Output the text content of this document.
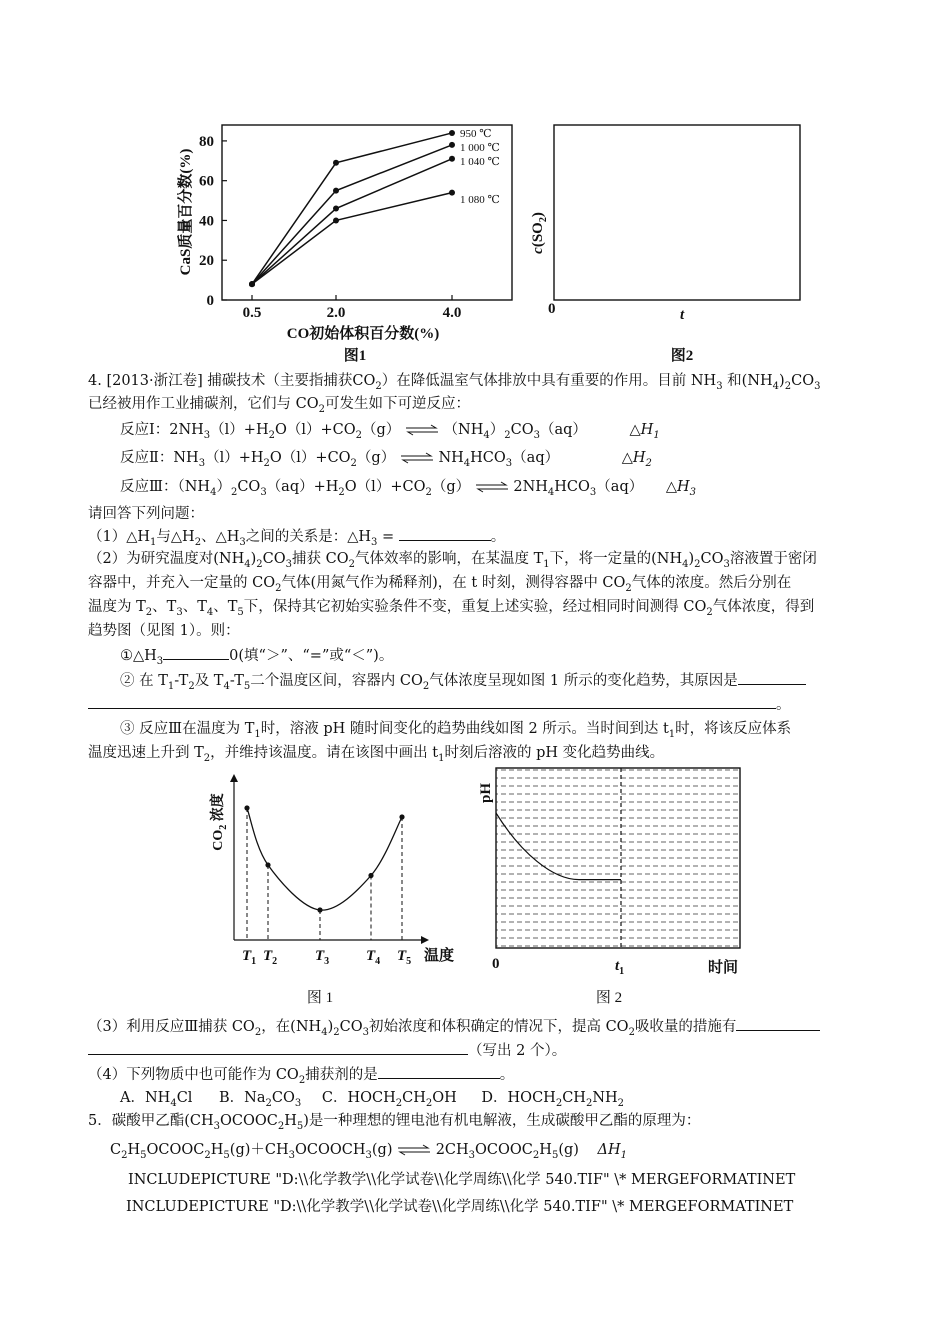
0
20
40
60
80
0.5	2.0	4.0
950 ℃
1 000 ℃
1 040 ℃
1 080 ℃
CaS质量百分数(%)
CO初始体积百分数(%)
图1
$c(SO_2)$
0	t
图2
4. [2013·浙江卷] 捕碳技术（主要指捕获$CO_2$）在降低温室气体排放中具有重要的作用。目前 $NH_3$ 和$(NH_4)_2CO_3$
已经被用作工业捕碳剂，它们与 $CO_2$可发生如下可逆反应：
反应Ⅰ：$2NH_3(l)+H_2O(l)+CO_2(g)$ ⇌ $(NH_4)_2CO_3(aq)$	$\triangle H_1$
反应Ⅱ：$NH_3(l)+H_2O(l)+CO_2(g)$ ⇌ $NH_4HCO_3(aq)$	$\triangle H_2$
反应Ⅲ：$(NH_4)_2CO_3(aq)+H_2O(l)+CO_2(g)$ ⇌ $2NH_4HCO_3(aq)$ $\triangle H_3$
请回答下列问题：
$(1)\triangle H_1$与$\triangle H_2$、$\triangle H_3$之间的关系是：$\triangle H_3$ =	。
（2）为研究温度对$(NH_4)_2CO_3$捕获 $CO_2$气体效率的影响，在某温度 $T_1$下，将一定量的$(NH_4)_2CO_3$溶液置于密闭
容器中，并充入一定量的 $CO_2$气体(用氮气作为稀释剂)，在 t 时刻，测得容器中 $CO_2$气体的浓度。然后分别在
温度为 $T_2$、$T_3$、$T_4$、$T_5$下，保持其它初始实验条件不变，重复上述实验，经过相同时间测得 $CO_2$气体浓度，得到
趋势图（见图 1）。则：
$①\triangle H_3$	0(填“＞”、“=”或“＜”)。
② 在 $T_1-T_2$及 $T_4-T_5$二个温度区间，容器内 $CO_2$气体浓度呈现如图 1 所示的变化趋势，其原因是
。
③ 反应Ⅲ在温度为 $T_1$时，溶液 pH 随时间变化的趋势曲线如图 2 所示。当时间到达 $t_1$时，将该反应体系
温度迅速上升到 $T_2$，并维持该温度。请在该图中画出 $t_1$时刻后溶液的 pH 变化趋势曲线。
$T_1$ $T_2$	$T_3$ $T_4$ $T_5$
$CO_2$ 浓度
温度
图 1
pH
0	$t_1$	时间
图 2
（3）利用反应Ⅲ捕获 $CO_2$，在$(NH_4)_2CO_3$初始浓度和体积确定的情况下，提高 $CO_2$吸收量的措施有
（写出 2 个）。
（4）下列物质中也可能作为 $CO_2$捕获剂的是	。
A．$NH_4Cl$ B．$Na_2CO_3$ C．$HOCH_2CH_2OH$ D．$HOCH_2CH_2NH_2$
5．碳酸甲乙酯$(CH_3OCOOC_2H_5)$是一种理想的锂电池有机电解液，生成碳酸甲乙酯的原理为：
$C_2H_5OCOOC_2H_5(g)+CH_3OCOOCH_3(g)$ ⇌ $2CH_3OCOOC_2H_5(g)$ $\Delta H_1$
INCLUDEPICTURE "D:\\化学教学\\化学试卷\\化学周练\\化学 540.TIF" \* MERGEFORMATINET
INCLUDEPICTURE "D:\\化学教学\\化学试卷\\化学周练\\化学 540.TIF" \* MERGEFORMATINET
